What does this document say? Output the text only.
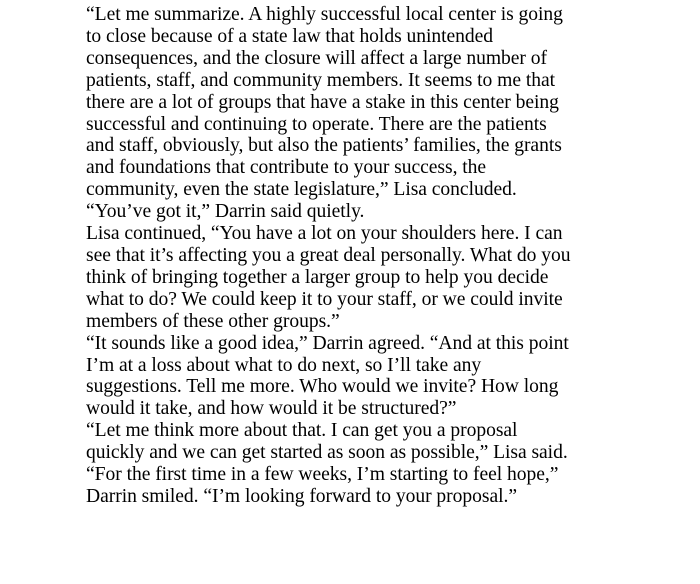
“Let me summarize. A highly successful local center is going
to close because of a state law that holds unintended
consequences, and the closure will affect a large number of
patients, staff, and community members. It seems to me that
there are a lot of groups that have a stake in this center being
successful and continuing to operate. There are the patients
and staff, obviously, but also the patients’ families, the grants
and foundations that contribute to your success, the
community, even the state legislature,” Lisa concluded.
“You’ve got it,” Darrin said quietly.
Lisa continued, “You have a lot on your shoulders here. I can
see that it’s affecting you a great deal personally. What do you
think of bringing together a larger group to help you decide
what to do? We could keep it to your staff, or we could invite
members of these other groups.”
“It sounds like a good idea,” Darrin agreed. “And at this point
I’m at a loss about what to do next, so I’ll take any
suggestions. Tell me more. Who would we invite? How long
would it take, and how would it be structured?”
“Let me think more about that. I can get you a proposal
quickly and we can get started as soon as possible,” Lisa said.
“For the first time in a few weeks, I’m starting to feel hope,”
Darrin smiled. “I’m looking forward to your proposal.”
